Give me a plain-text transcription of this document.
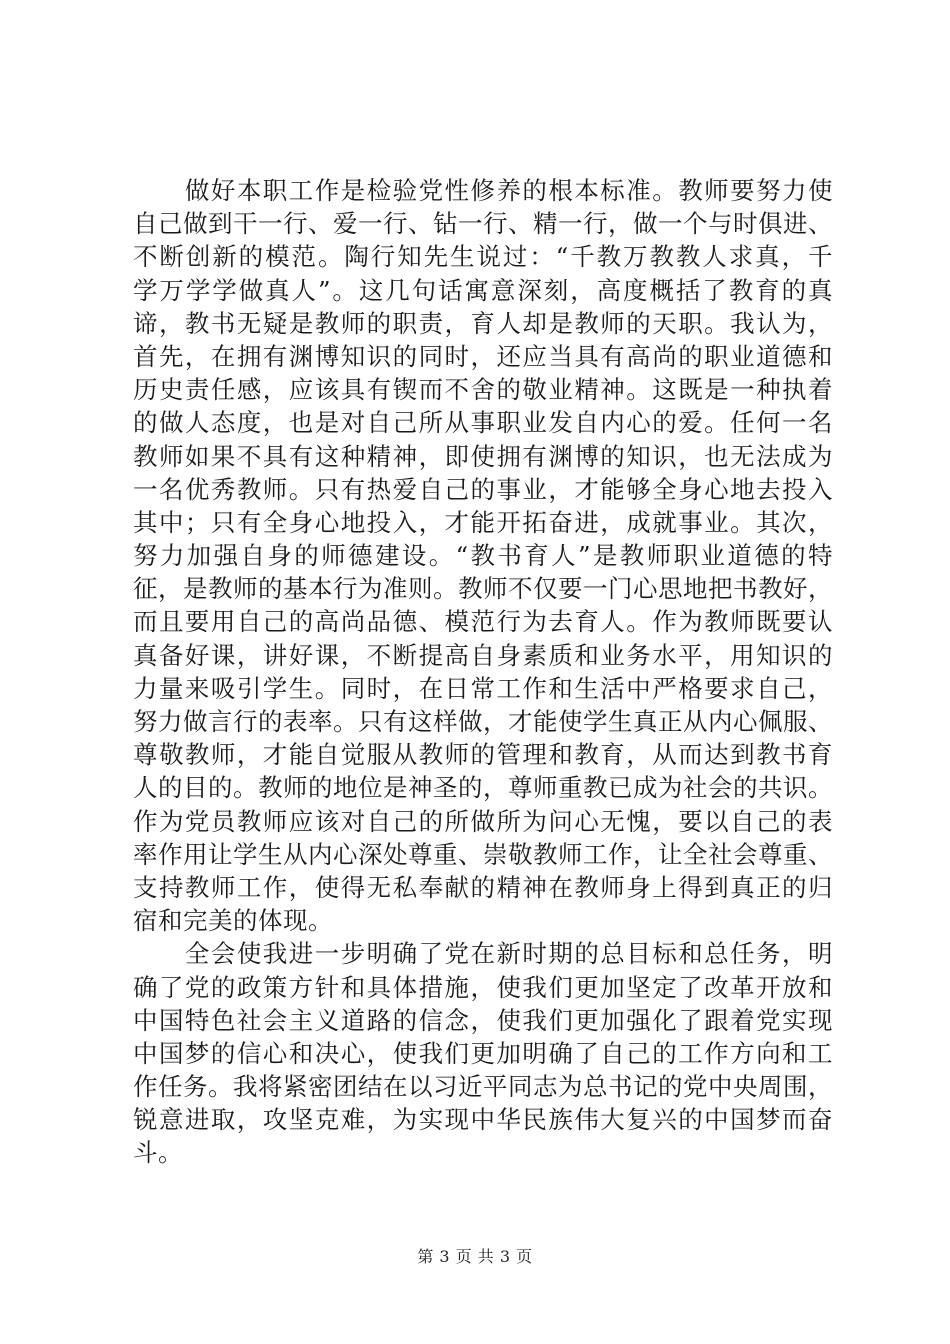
　　做好本职工作是检验党性修养的根本标准。教师要努力使
自己做到干一行、爱一行、钻一行、精一行，做一个与时俱进、
不断创新的模范。陶行知先生说过：“千教万教教人求真，千
学万学学做真人”。这几句话寓意深刻，高度概括了教育的真
谛，教书无疑是教师的职责，育人却是教师的天职。我认为，
首先，在拥有渊博知识的同时，还应当具有高尚的职业道德和
历史责任感，应该具有锲而不舍的敬业精神。这既是一种执着
的做人态度，也是对自己所从事职业发自内心的爱。任何一名
教师如果不具有这种精神，即使拥有渊博的知识，也无法成为
一名优秀教师。只有热爱自己的事业，才能够全身心地去投入
其中；只有全身心地投入，才能开拓奋进，成就事业。其次，
努力加强自身的师德建设。“教书育人”是教师职业道德的特
征，是教师的基本行为准则。教师不仅要一门心思地把书教好，
而且要用自己的高尚品德、模范行为去育人。作为教师既要认
真备好课，讲好课，不断提高自身素质和业务水平，用知识的
力量来吸引学生。同时，在日常工作和生活中严格要求自己，
努力做言行的表率。只有这样做，才能使学生真正从内心佩服、
尊敬教师，才能自觉服从教师的管理和教育，从而达到教书育
人的目的。教师的地位是神圣的，尊师重教已成为社会的共识。
作为党员教师应该对自己的所做所为问心无愧，要以自己的表
率作用让学生从内心深处尊重、崇敬教师工作，让全社会尊重、
支持教师工作，使得无私奉献的精神在教师身上得到真正的归
宿和完美的体现。
　　全会使我进一步明确了党在新时期的总目标和总任务，明
确了党的政策方针和具体措施，使我们更加坚定了改革开放和
中国特色社会主义道路的信念，使我们更加强化了跟着党实现
中国梦的信心和决心，使我们更加明确了自己的工作方向和工
作任务。我将紧密团结在以习近平同志为总书记的党中央周围，
锐意进取，攻坚克难，为实现中华民族伟大复兴的中国梦而奋
斗。
第 3 页 共 3 页
